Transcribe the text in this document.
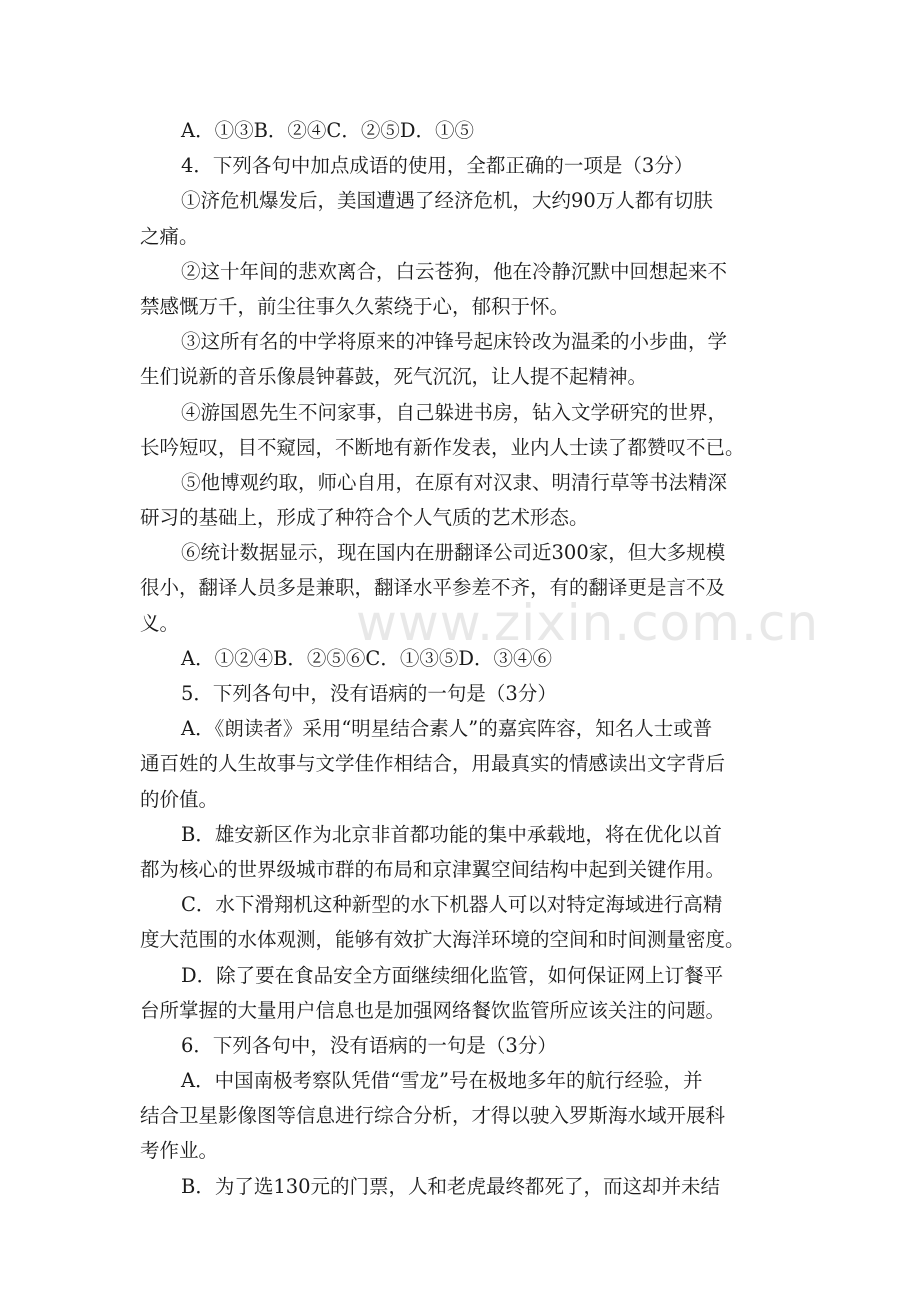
A．①③B．②④C．②⑤D．①⑤
4．下列各句中加点成语的使用，全都正确的一项是（3分）
①济危机爆发后，美国遭遇了经济危机，大约90万人都有切肤
之痛。
②这十年间的悲欢离合，白云苍狗，他在冷静沉默中回想起来不
禁感慨万千，前尘往事久久萦绕于心，郁积于怀。
③这所有名的中学将原来的冲锋号起床铃改为温柔的小步曲，学
生们说新的音乐像晨钟暮鼓，死气沉沉，让人提不起精神。
④游国恩先生不问家事，自己躲进书房，钻入文学研究的世界，
长吟短叹，目不窥园，不断地有新作发表，业内人士读了都赞叹不已。
⑤他博观约取，师心自用，在原有对汉隶、明清行草等书法精深
研习的基础上，形成了种符合个人气质的艺术形态。
⑥统计数据显示，现在国内在册翻译公司近300家，但大多规模
很小，翻译人员多是兼职，翻译水平参差不齐，有的翻译更是言不及
义。
A．①②④B．②⑤⑥C．①③⑤D．③④⑥
5．下列各句中，没有语病的一句是（3分）
A．《朗读者》采用“明星结合素人”的嘉宾阵容，知名人士或普
通百姓的人生故事与文学佳作相结合，用最真实的情感读出文字背后
的价值。
B．雄安新区作为北京非首都功能的集中承载地，将在优化以首
都为核心的世界级城市群的布局和京津翼空间结构中起到关键作用。
C．水下滑翔机这种新型的水下机器人可以对特定海域进行高精
度大范围的水体观测，能够有效扩大海洋环境的空间和时间测量密度。
D．除了要在食品安全方面继续细化监管，如何保证网上订餐平
台所掌握的大量用户信息也是加强网络餐饮监管所应该关注的问题。
6．下列各句中，没有语病的一句是（3分）
A．中国南极考察队凭借“雪龙”号在极地多年的航行经验，并
结合卫星影像图等信息进行综合分析，才得以驶入罗斯海水域开展科
考作业。
B．为了选130元的门票，人和老虎最终都死了，而这却并未结
www.zixin.com.cn
